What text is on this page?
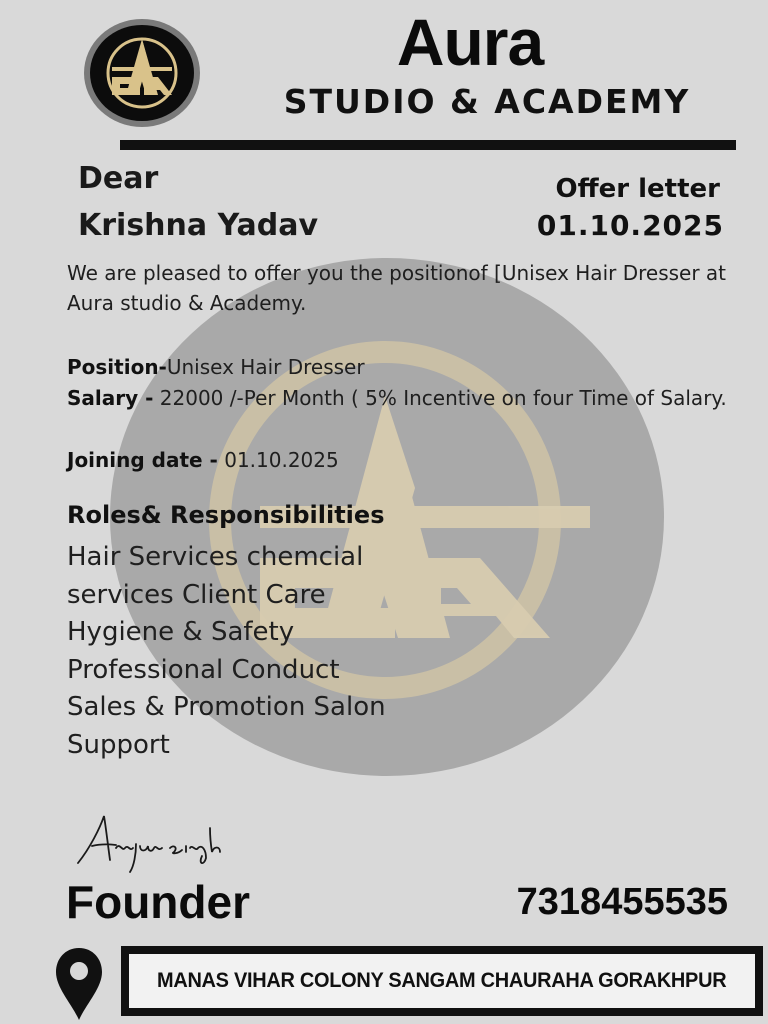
Aura
STUDIO & ACADEMY
Dear
Krishna Yadav
Offer letter
01.10.2025
We are pleased to offer you the positionof [Unisex Hair Dresser at Aura studio & Academy.
Position-Unisex Hair Dresser
Salary - 22000 /-Per Month ( 5% Incentive on four Time of Salary.
Joining date - 01.10.2025
Roles& Responsibilities
Hair Services chemcial services Client Care Hygiene & Safety Professional Conduct Sales & Promotion Salon Support
Founder	7318455535
MANAS VIHAR COLONY SANGAM CHAURAHA GORAKHPUR
